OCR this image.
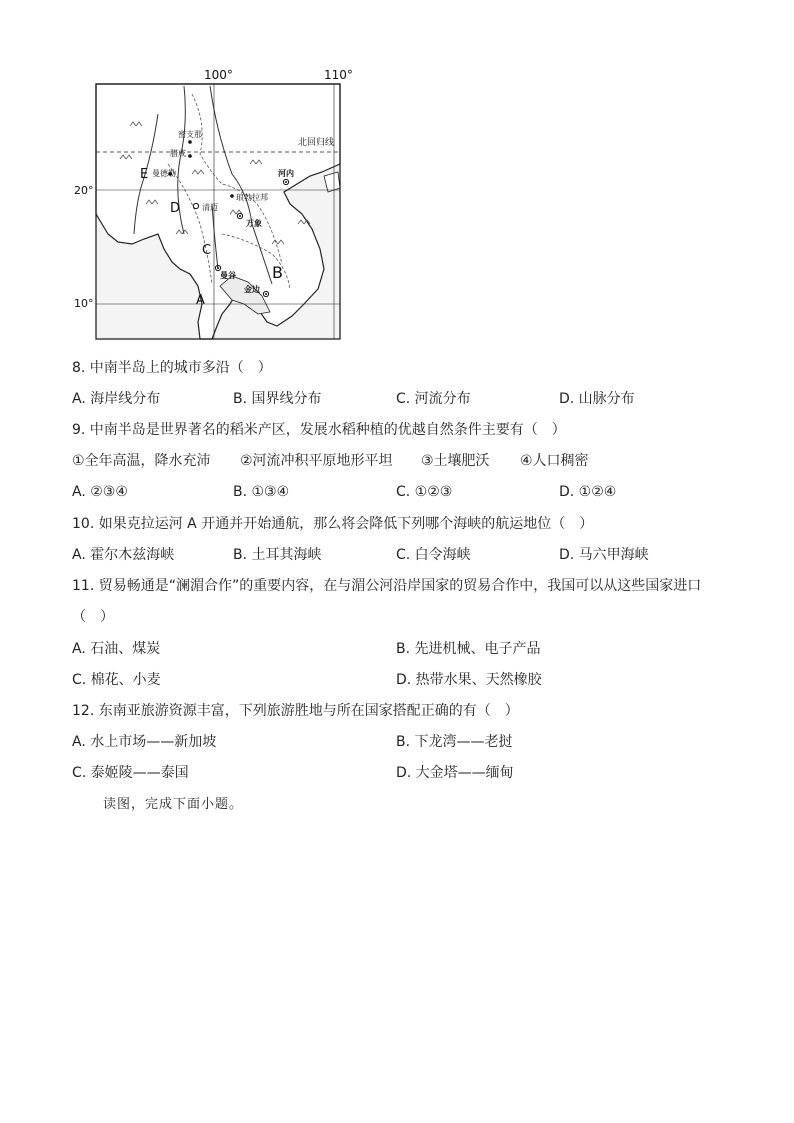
100°	110°
20°
10°
北回归线
密支那
腊戍
曼德勒	河内
琅勃拉邦
清迈
万象
曼谷
金边
E
D
C
B
A
8. 中南半岛上的城市多沿（　）
A. 海岸线分布	B. 国界线分布	C. 河流分布	D. 山脉分布
9. 中南半岛是世界著名的稻米产区，发展水稻种植的优越自然条件主要有（　）
①全年高温，降水充沛 ②河流冲积平原地形平坦 ③土壤肥沃 ④人口稠密
A. ②③④	B. ①③④	C. ①②③	D. ①②④
10. 如果克拉运河 A 开通并开始通航，那么将会降低下列哪个海峡的航运地位（　）
A. 霍尔木兹海峡	B. 土耳其海峡	C. 白令海峡	D. 马六甲海峡
11. 贸易畅通是“澜湄合作”的重要内容，在与湄公河沿岸国家的贸易合作中，我国可以从这些国家进口
（　）
A. 石油、煤炭	B. 先进机械、电子产品
C. 棉花、小麦	D. 热带水果、天然橡胶
12. 东南亚旅游资源丰富，下列旅游胜地与所在国家搭配正确的有（　）
A. 水上市场——新加坡	B. 下龙湾——老挝
C. 泰姬陵——泰国	D. 大金塔——缅甸
读图，完成下面小题。
